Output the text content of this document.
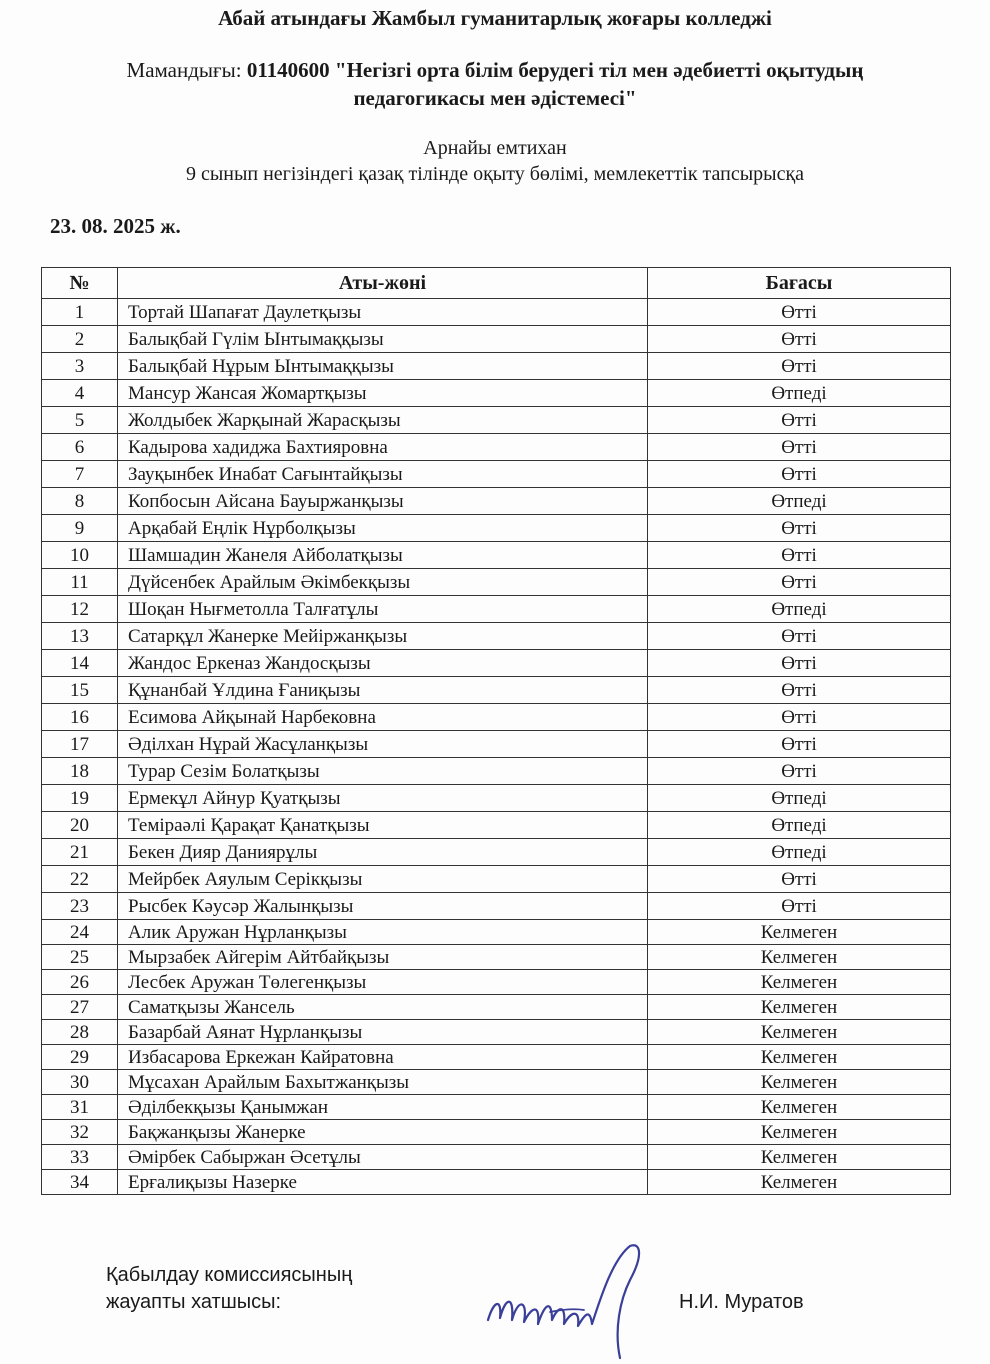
Абай атындағы Жамбыл гуманитарлық жоғары колледжі
Мамандығы: 01140600 "Негізгі орта білім берудегі тіл мен әдебиетті оқытудың
педагогикасы мен әдістемесі"
Арнайы емтихан
9 сынып негізіндегі қазақ тілінде оқыту бөлімі, мемлекеттік тапсырысқа
23. 08. 2025 ж.
№	Аты-жөні	Бағасы
1	Тортай Шапағат Даулетқызы	Өтті
2	Балықбай Гүлім Ынтымаққызы	Өтті
3	Балықбай Нұрым Ынтымаққызы	Өтті
4	Мансур Жансая Жомартқызы	Өтпеді
5	Жолдыбек Жарқынай Жарасқызы	Өтті
6	Кадырова хадиджа Бахтияровна	Өтті
7	Зауқынбек Инабат Сағынтайқызы	Өтті
8	Копбосын Айсана Бауыржанқызы	Өтпеді
9	Арқабай Еңлік Нұрболқызы	Өтті
10	Шамшадин Жанеля Айболатқызы	Өтті
11	Дүйсенбек Арайлым Әкімбекқызы	Өтті
12	Шоқан Нығметолла Талғатұлы	Өтпеді
13	Сатарқұл Жанерке Мейіржанқызы	Өтті
14	Жандос Еркеназ Жандосқызы	Өтті
15	Құнанбай Ұлдина Ғаниқызы	Өтті
16	Есимова Айқынай Нарбековна	Өтті
17	Әділхан Нұрай Жасұланқызы	Өтті
18	Турар Сезім Болатқызы	Өтті
19	Ермекұл Айнур Қуатқызы	Өтпеді
20	Теміраәлі Қарақат Қанатқызы	Өтпеді
21	Бекен Дияр Даниярұлы	Өтпеді
22	Мейрбек Аяулым Серікқызы	Өтті
23	Рысбек Кәусәр Жалынқызы	Өтті
24	Алик Аружан Нұрланқызы	Келмеген
25	Мырзабек Айгерім Айтбайқызы	Келмеген
26	Лесбек Аружан Төлегенқызы	Келмеген
27	Саматқызы Жансель	Келмеген
28	Базарбай Аянат Нұрланқызы	Келмеген
29	Избасарова Еркежан Кайратовна	Келмеген
30	Мұсахан Арайлым Бахытжанқызы	Келмеген
31	Әділбекқызы Қанымжан	Келмеген
32	Бақжанқызы Жанерке	Келмеген
33	Әмірбек Сабыржан Әсетұлы	Келмеген
34	Ерғалиқызы Назерке	Келмеген
Қабылдау комиссиясының
жауапты хатшысы:	Н.И. Муратов
